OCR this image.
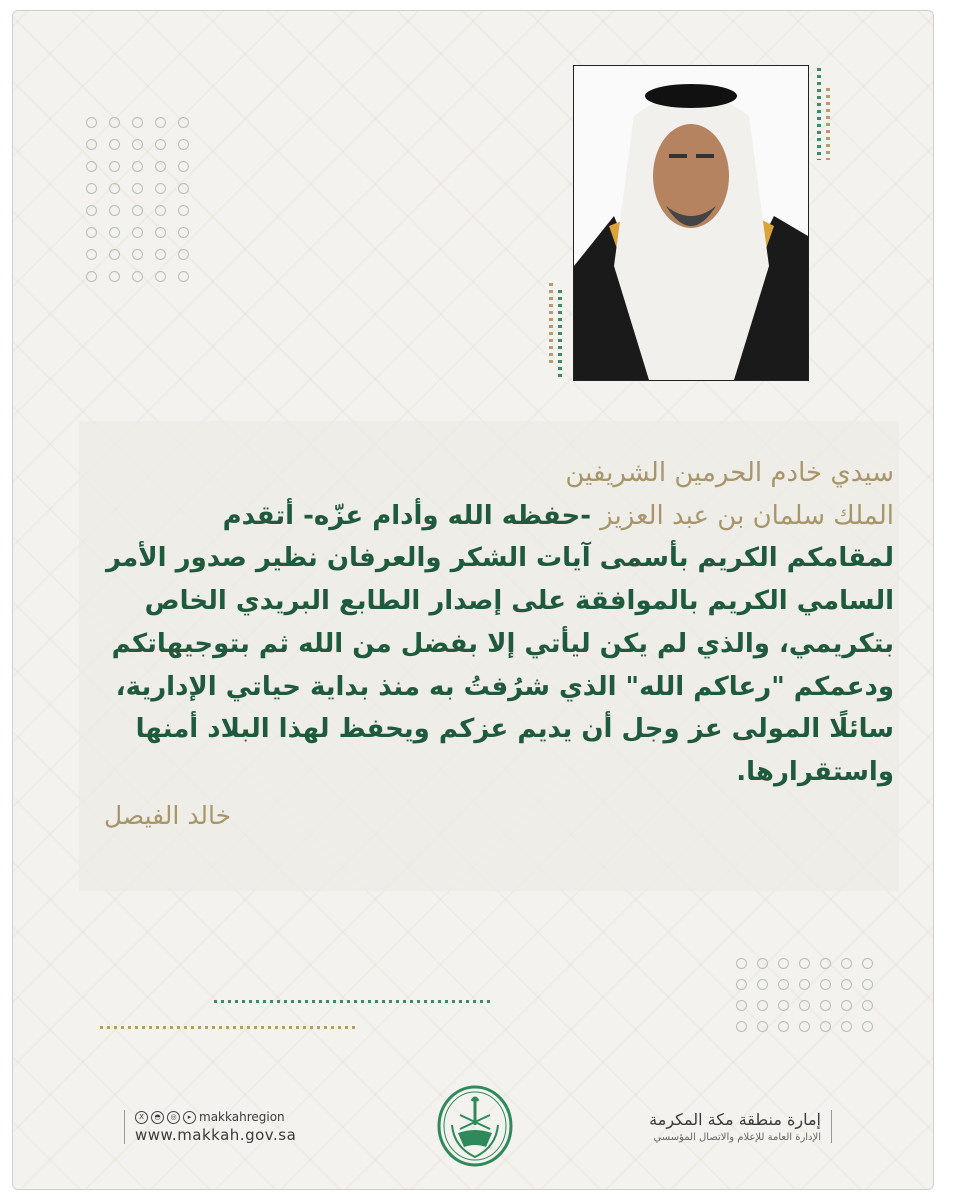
سيدي خادم الحرمين الشريفين
الملك سلمان بن عبد العزيز -حفظه الله وأدام عزّه- أتقدم
لمقامكم الكريم بأسمى آيات الشكر والعرفان نظير صدور الأمر
السامي الكريم بالموافقة على إصدار الطابع البريدي الخاص
بتكريمي، والذي لم يكن ليأتي إلا بفضل من الله ثم بتوجيهاتكم
ودعمكم "رعاكم الله" الذي شرُفتُ به منذ بداية حياتي الإدارية،
سائلًا المولى عز وجل أن يديم عزكم ويحفظ لهذا البلاد أمنها
واستقرارها.
خالد الفيصل
X	◓	◎	▸ makkahregion
www.makkah.gov.sa
إمارة منطقة مكة المكرمة
الإدارة العامة للإعلام والاتصال المؤسسي
